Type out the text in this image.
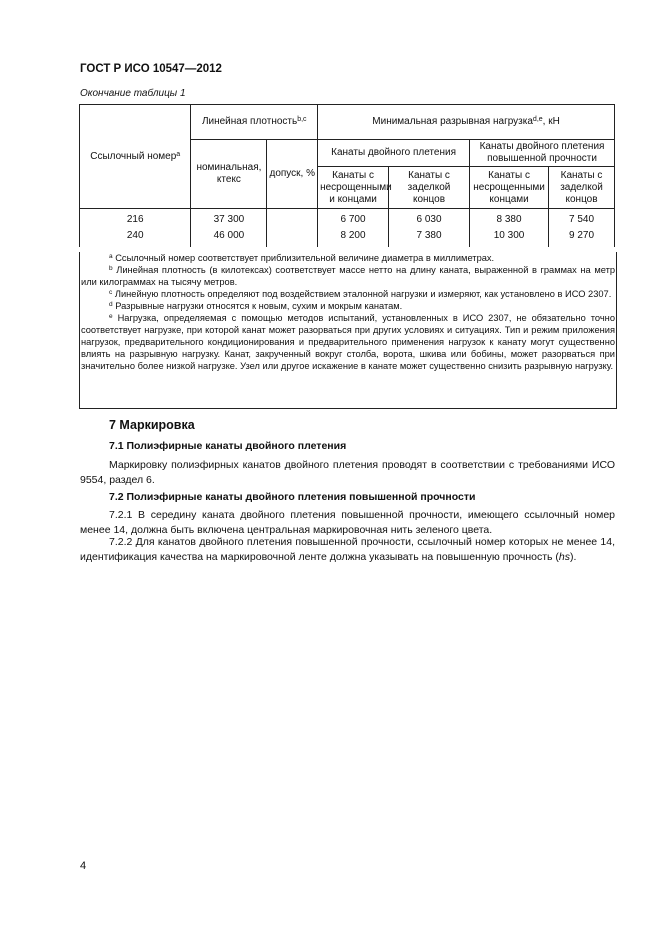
ГОСТ Р ИСО 10547—2012
Окончание таблицы 1
Ссылочный номер$^a$	Линейная плотность$^{b,c}$		Минимальная разрывная нагрузка$^{d,e}$, кН			
	номинальная, ктекс	допуск, %	Канаты двойного плетения		Канаты двойного плетения повышенной прочности	
			Канаты с несрощенными и концами	Канаты с заделкой концов	Канаты с несрощенными концами	Канаты с заделкой концов
216	37 300		6 700	6 030	8 380	7 540
240	46 000		8 200	7 380	10 300	9 270

$^a$ Ссылочный номер соответствует приблизительной величине диаметра в миллиметрах.

$^b$ Линейная плотность (в килотексах) соответствует массе нетто на длину каната, выраженной в граммах на метр или килограммах на тысячу метров.

$^c$ Линейную плотность определяют под воздействием эталонной нагрузки и измеряют, как установлено в ИСО 2307.

$^d$ Разрывные нагрузки относятся к новым, сухим и мокрым канатам.

$^e$ Нагрузка, определяемая с помощью методов испытаний, установленных в ИСО 2307, не обязательно точно соответствует нагрузке, при которой канат может разорваться при других условиях и ситуациях. Тип и режим приложения нагрузок, предварительного кондиционирования и предварительного применения нагрузок к канату могут существенно влиять на разрывную нагрузку. Канат, закрученный вокруг столба, ворота, шкива или бобины, может разорваться при значительно более низкой нагрузке. Узел или другое искажение в канате может существенно снизить разрывную нагрузку.

7 Маркировка
7.1 Полиэфирные канаты двойного плетения

Маркировку полиэфирных канатов двойного плетения проводят в соответствии с требованиями ИСО 9554, раздел 6.

7.2 Полиэфирные канаты двойного плетения повышенной прочности

7.2.1 В середину каната двойного плетения повышенной прочности, имеющего ссылочный номер менее 14, должна быть включена центральная маркировочная нить зеленого цвета.

7.2.2 Для канатов двойного плетения повышенной прочности, ссылочный номер которых не менее 14, идентификация качества на маркировочной ленте должна указывать на повышенную прочность (hs).

4
